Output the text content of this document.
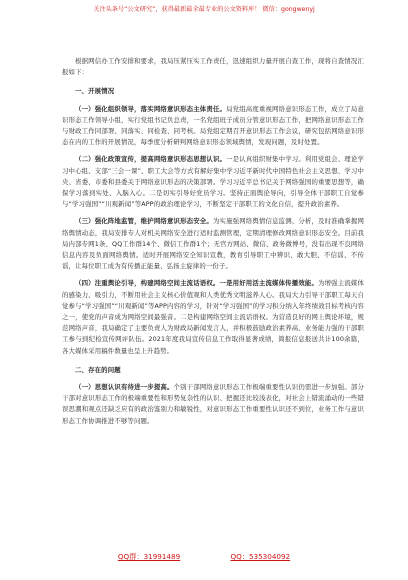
关注头条号“公文研究”，获得最新最全最专业的公文资料库！ 微信：gongwenyj

根据网信办工作安排和要求，我局压紧压实工作责任，迅速组织力量开展自查工作，现将自查情况汇报如下：

一、开展情况

（一）强化组织领导，落实网络意识形态主体责任。局党组高度重视网络意识形态工作，成立了局意识形态工作领导小组，实行党组书记负总责，一名党组班子成员分管意识形态工作，把网络意识形态工作与财政工作同部署、同落实、同检查、同考核。局党组定期召开意识形态工作会议，研究包括网络意识形态在内的工作的开展情况，每季度分析研判网络意识形态领域舆情，发现问题，及时处置。

（二）强化政策宣传，提高网络意识形态思想认识。一是认真组织财集中学习。利用党组会、理论学习中心组、支部“三会一课”、职工大会等方式有解好集中学习近平新时代中国特色社会主义思想、学习中央、省委、市委和县委关于网络意识形态的决策部署。学习习近平总书记关于网络强国的重要思想等，确保学习落到实处、入脑入心。二是切实引导好党员学习。坚持正面舆论导向，引导全体干部职工自觉参与“学习强国”“川观新闻”等APP的政治理论学习，不断坚定干部职工的文化自信，提升政治素养。

（三）强化阵地监管，维护网络意识形态安全。为实施强网络舆情信息监测、分析，及时准确掌握网络舆情动态，我局安排专人对机关网络安全进行适时监测管理，定期清理修改网络意识形态安全。目前我局内部专网1条、QQ工作群14个、微信工作群1个；无官方网站、微信、政务微博号，没有出现不良网络信息内容及负面网络舆情。适时开展网络安全知识宣教，教育引导职工中辨识、敢大胆、不信谣、不传谣，让每位职工成为有传播正能量、弘扬主旋律的一份子。

（四）注重舆论引导，构建网络空间主流话语权。一是用好用活主流媒体传播效能。为增强主流媒体的感染力、吸引力，不断用社会主义核心价值观和人类优秀文明滋养人心。我局大力引导干部职工每天自觉参与“学习强国”“川观新闻”等APP内容的学习，针对“学习强国”的学习积分纳入年终绩效目标考核内容之一，使党的声音成为网络空间最强音。二是构建网络空间主流话语权。为营造良好的网上舆论环境，规范网络声音，我局确定了主要负责人为财政局新闻发言人，并积极鼓励政治素养高、业务能力强的干部职工参与到纪检宣传网评队伍。2021年度我局宣传信息工作取得显著成绩，简报信息报送共计100余篇，各大媒体采用稿件数量也呈上升趋势。

二、存在的问题

（一）思想认识有待进一步提高。个别干部网络意识形态工作极端重要性认识仍需进一步加强。部分干部对意识形态工作的极端重要性和形势复杂性的认识、把握还比较浅表化，对社会上错流涌动的一些错误思潮和观点还缺乏应有的政治鉴别力和敏锐性，对意识形态工作重要性认识还不到位，业务工作与意识形态工作协调推进不够等问题。

QQ群：31991489	QQ：535304092
